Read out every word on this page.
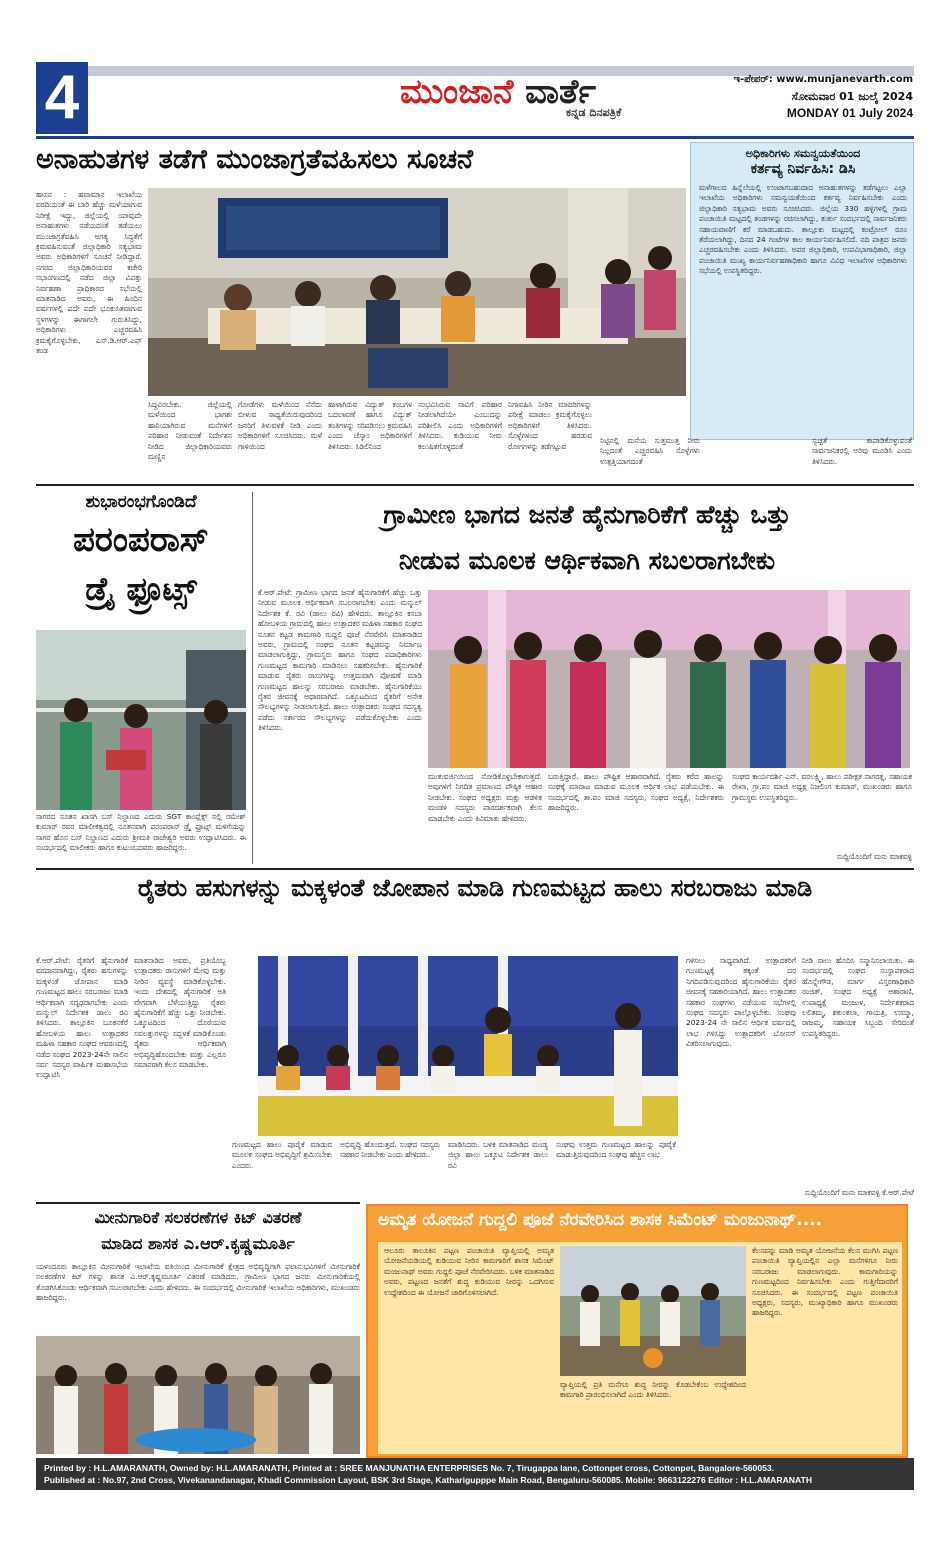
4	ಮುಂಜಾನೆ ವಾರ್ತೆ
ಕನ್ನಡ ದಿನಪತ್ರಿಕೆ
ಇ-ಪೇಪರ್: www.munjanevarth.com
ಸೋಮವಾರ 01 ಜುಲೈ 2024
MONDAY 01 July 2024
ಅನಾಹುತಗಳ ತಡೆಗೆ ಮುಂಜಾಗ್ರತೆವಹಿಸಲು ಸೂಚನೆ
ಹಾಸನ : ಹವಾಮಾನ ಇಲಾಖೆಯ ವರದಿಯಂತೆ ಈ ಬಾರಿ ಹೆಚ್ಚು ಮಳೆಯಾಗುವ ನಿರೀಕ್ಷೆ ಇದ್ದು, ಜಿಲ್ಲೆಯಲ್ಲಿ ಯಾವುದೇ ಅನಾಹುತಗಳು ನಡೆಯದಂತೆ ತಡೆಯಲು ಮುಂಜಾಗ್ರತೆವಹಿಸಿ ಅಗತ್ಯ ಸಿದ್ಧತೆಗೆ ಕ್ರಮವಹಿಸುವಂತೆ ಜಿಲ್ಲಾಧಿಕಾರಿ ಸತ್ಯಭಾಮ ಅವರು ಅಧಿಕಾರಿಗಳಿಗೆ ಸೂಚನೆ ನೀಡಿದ್ದಾರೆ. ನಗರದ ಜಿಲ್ಲಾಧಿಕಾರಿಯವರ ಕಚೇರಿ ಸಭಾಂಗಣದಲ್ಲಿ ನಡೆದ ಜಿಲ್ಲಾ ವಿಪತ್ತು ನಿರ್ವಹಣಾ ಪ್ರಾಧಿಕಾರದ ಸಭೆಯಲ್ಲಿ ಮಾತನಾಡಿದ ಅವರು, ಈ ಹಿಂದಿನ ವರ್ಷಗಳಲ್ಲಿ ಪದೇ ಪದೇ ಭೂಕುಸಿತವಾಗುವ ಸ್ಥಳಗಳನ್ನು ಈಗಾಗಲೇ ಗುರುತಿಸಿದ್ದು, ಅಧಿಕಾರಿಗಳು ಎಚ್ಚರವಹಿಸಿ ಕ್ರಮಕೈಗೊಳ್ಳಬೇಕು, ಎಸ್.ಡಿ.ಆರ್.ಎಫ್ ತಂಡ
ಸಿದ್ಧವಿರಬೇಕು. ಜಿಲ್ಲೆಯಲ್ಲಿ ಮಳೆಯಿಂದ ಭಾಗಶಃ ಹಾನಿಯಾಗಿರುವ ಮನೆಗಳಿಗೆ ಪರಿಹಾರ ನೀಡುವಂತೆ ನಿರ್ದೇಶನ ನೀಡಿದ ಜಿಲ್ಲಾಧಿಕಾರಿಯವರು ಮಣ್ಣಿನ
ಗೋಡೆಗಳು ಮಳೆಯಿಂದ ನೆನೆದು ಬೀಳುವ ಸಾಧ್ಯತೆಯಿರುವುದರಿಂದ ಜನರಿಗೆ ತಿಳುವಳಿಕೆ ನೀಡಿ ಎಂದು ಅಧಿಕಾರಿಗಳಿಗೆ ಸೂಚಿಸಿದರು. ಮಳೆ ಗಾಳಿಯಿಂದ
ಹಾಳಾಗಿರುವ ವಿದ್ಯುತ್ ಕಂಬಗಳ ಬದಲಾವಣೆ ಹಾಗೂ ವಿದ್ಯುತ್ ತಂತಿಗಳನ್ನು ಸರಿಪಡಿಸಲು ಕ್ರಮವಹಿಸಿ ಎಂದು ಚೆಸ್ಕಾಂ ಅಧಿಕಾರಿಗಳಿಗೆ ತಿಳಿಸಿದರು. ಸಿಡಿಲಿನಿಂದ
ಸಂಭವಿಸಿರುವ ಸಾವಿಗೆ ಪರಿಹಾರ ನೀಡಲಾಗಿದೆಯೇ ಎಂಬುದನ್ನು ಪರಿಶೀಲಿಸಿ ಎಂದು ಅಧಿಕಾರಿಗಳಿಗೆ ತಿಳಿಸಿದರು. ಕುಡಿಯುವ ನೀರು ಕಲುಷಿತಗೊಳ್ಳದಂತೆ
ನಿಗಾವಹಿಸಿ ನೀರಿನ ಮಾದರಿಗಳನ್ನು ಪರೀಕ್ಷೆ ಮಾಡಲು ಕ್ರಮಕೈಗೊಳ್ಳಲು ಅಧಿಕಾರಿಗಳಿಗೆ ತಿಳಿಸಿದರು. ಸೊಳ್ಳೆಗಳಿಂದ ಹರಡುವ ರೋಗಗಳನ್ನು ತಡೆಗಟ್ಟುವ
ಅಧಿಕಾರಿಗಳು ಸಮನ್ವಯತೆಯಿಂದ
ಕರ್ತವ್ಯ ನಿರ್ವಹಿಸಿ: ಡಿಸಿ
ಮಳೆಗಾಲದ ಹಿನ್ನೆಲೆಯಲ್ಲಿ ಉಂಟಾಗಬಹುದಾದ ಅನಾಹುತಗಳನ್ನು ತಡೆಗಟ್ಟಲು ಎಲ್ಲಾ ಇಲಾಖೆಯ ಅಧಿಕಾರಿಗಳು ಸಮನ್ವಯತೆಯಿಂದ ಕರ್ತವ್ಯ ನಿರ್ವಹಿಸಬೇಕು ಎಂದು ಜಿಲ್ಲಾಧಿಕಾರಿ ಸತ್ಯಭಾಮ ಅವರು ಸೂಚಿಸಿದರು. ಜಿಲ್ಲೆಯ 330 ಹಳ್ಳಿಗಳಲ್ಲಿ ಗ್ರಾಮ ಪಂಚಾಯಿತಿ ಮಟ್ಟದಲ್ಲಿ ತಂಡಗಳನ್ನು ರಚಿಸಲಾಗಿದ್ದು, ತುರ್ತು ಸಂದರ್ಭದಲ್ಲಿ ಸಾರ್ವಜನಿಕರು ಸಹಾಯವಾಣಿಗೆ ಕರೆ ಮಾಡಬಹುದು. ತಾಲ್ಲೂಕು ಮಟ್ಟದಲ್ಲಿ ಕಂಟ್ರೋಲ್ ರೂಂ ತೆರೆಯಲಾಗಿದ್ದು, ದಿನದ 24 ಗಂಟೆಗಳ ಕಾಲ ಕಾರ್ಯನಿರ್ವಹಿಸಲಿದೆ. ನದಿ ಪಾತ್ರದ ಜನರು ಎಚ್ಚರವಹಿಸಬೇಕು ಎಂದು ತಿಳಿಸಿದರು. ಅಪರ ಜಿಲ್ಲಾಧಿಕಾರಿ, ಉಪವಿಭಾಗಾಧಿಕಾರಿ, ಜಿಲ್ಲಾ ಪಂಚಾಯಿತಿ ಮುಖ್ಯ ಕಾರ್ಯನಿರ್ವಹಣಾಧಿಕಾರಿ ಹಾಗೂ ವಿವಿಧ ಇಲಾಖೆಗಳ ಅಧಿಕಾರಿಗಳು ಸಭೆಯಲ್ಲಿ ಉಪಸ್ಥಿತರಿದ್ದರು.
ನಿಟ್ಟಿನಲ್ಲಿ ಮನೆಯ ಸುತ್ತಮುತ್ತ ನೀರು ನಿಲ್ಲದಂತೆ ಎಚ್ಚರವಹಿಸಿ ಸೊಳ್ಳೆಗಳು ಉತ್ಪತ್ತಿಯಾಗದಂತೆ
ಸ್ವಚ್ಛತೆ ಕಾಪಾಡಿಕೊಳ್ಳುವಂತೆ ಸಾರ್ವಜನಿಕರಲ್ಲಿ ಅರಿವು ಮೂಡಿಸಿ ಎಂದು ತಿಳಿಸಿದರು.
ಶುಭಾರಂಭಗೊಂಡಿದೆ
ಪರಂಪರಾಸ್
ಡ್ರೈ ಫ್ರೂಟ್ಸ್
ಸಾಗರದ ನೂತನ ಖಾಸಗಿ ಬಸ್ ನಿಲ್ದಾಣದ ಎದುರು SGT ಕಾಂಪ್ಲೆಕ್ಸ್ ನಲ್ಲಿ ರಮೇಶ್ ಕುಮಾರ್ ರವರ ಮಾಲೀಕತ್ವದಲ್ಲಿ ನೂತನವಾಗಿ ಪರಂಪರಾಸ್ ಡ್ರೈ ಫ್ರೂಟ್ಸ್ ಮಳಿಗೆಯನ್ನು ಸಾಗರ ಹೊಸ ಬಸ್ ನಿಲ್ದಾಣದ ಎದುರು ಶ್ರೀಮತಿ ರಾಜೇಶ್ವರಿ ಅವರು ಉದ್ಘಾಟಿಸಿದರು. ಈ ಸಂದರ್ಭದಲ್ಲಿ ಮಾಲೀಕರು ಹಾಗೂ ಕುಟುಂಬದವರು ಹಾಜರಿದ್ದರು.
ಗ್ರಾಮೀಣ ಭಾಗದ ಜನತೆ ಹೈನುಗಾರಿಕೆಗೆ ಹೆಚ್ಚು ಒತ್ತು
ನೀಡುವ ಮೂಲಕ ಆರ್ಥಿಕವಾಗಿ ಸಬಲರಾಗಬೇಕು
ಕೆ.ಆರ್.ಪೇಟೆ: ಗ್ರಾಮೀಣ ಭಾಗದ ಜನತೆ ಹೈನುಗಾರಿಕೆಗೆ ಹೆಚ್ಚು ಒತ್ತು ನೀಡುವ ಮೂಲಕ ಆರ್ಥಿಕವಾಗಿ ಸಬಲರಾಗಬೇಕು ಎಂದು ಮನ್ಮುಲ್ ನಿರ್ದೇಶಕ ಕೆ. ರವಿ (ಡಾಲು ರವಿ) ಹೇಳಿದರು. ತಾಲ್ಲೂಕಿನ ಕಸಬಾ ಹೋಬಳಿಯ ಗ್ರಾಮದಲ್ಲಿ ಹಾಲು ಉತ್ಪಾದಕರ ಮಹಿಳಾ ಸಹಕಾರ ಸಂಘದ ನೂತನ ಕಟ್ಟಡ ಕಾಮಗಾರಿ ಗುದ್ದಲಿ ಪೂಜೆ ನೆರವೇರಿಸಿ ಮಾತನಾಡಿದ ಅವರು, ಗ್ರಾಮದಲ್ಲಿ ಸಂಘದ ನೂತನ ಕಟ್ಟಡವನ್ನು ನಿರ್ಮಾಣ ಮಾಡಲಾಗುತ್ತಿದ್ದು, ಗ್ರಾಮಸ್ಥರು ಹಾಗೂ ಸಂಘದ ಪದಾಧಿಕಾರಿಗಳು ಗುಣಮಟ್ಟದ ಕಾಮಗಾರಿ ಮಾಡಿಸಲು ಸಹಕರಿಸಬೇಕು. ಹೈನುಗಾರಿಕೆ ಮಾಡುವ ರೈತರು ರಾಸುಗಳನ್ನು ಉತ್ತಮವಾಗಿ ಪೋಷಣೆ ಮಾಡಿ ಗುಣಮಟ್ಟದ ಹಾಲನ್ನು ಸರಬರಾಜು ಮಾಡಬೇಕು. ಹೈನುಗಾರಿಕೆಯು ರೈತರ ಜೀವನಕ್ಕೆ ಆಧಾರವಾಗಿದೆ. ಒಕ್ಕೂಟದಿಂದ ರೈತರಿಗೆ ಅನೇಕ ಸೌಲಭ್ಯಗಳನ್ನು ನೀಡಲಾಗುತ್ತಿದೆ. ಹಾಲು ಉತ್ಪಾದಕರು ಸಂಘದ ಸದಸ್ಯತ್ವ ಪಡೆದು ಸರ್ಕಾರದ ಸೌಲಭ್ಯಗಳನ್ನು ಪಡೆದುಕೊಳ್ಳಬೇಕು ಎಂದು ತಿಳಿಸಿದರು.
ಮುತುವರ್ಜಿಯಿಂದ ನೋಡಿಕೊಳ್ಳಬೇಕಾಗುತ್ತದೆ. ಅವುಗಳಿಗೆ ನಿಗದಿತ ಪ್ರಮಾಣದ ಪೌಷ್ಠಿಕ ಆಹಾರ ನೀಡಬೇಕು. ಸಂಘದ ಅಧ್ಯಕ್ಷರು ಮತ್ತು ಆಡಳಿತ ಮಂಡಳಿ ಸದಸ್ಯರು ಪಾರದರ್ಶಕವಾಗಿ ಕೆಲಸ ಮಾಡಬೇಕು ಎಂದು ಕಿವಿಮಾತು ಹೇಳಿದರು.
ಬರುತ್ತಿದ್ದಾರೆ. ಹಾಲು ಪೌಷ್ಟಿಕ ಆಹಾರವಾಗಿದೆ. ರೈತರು ಕರೆದ ಹಾಲನ್ನು ಸಂಘಕ್ಕೆ ಮಾರಾಟ ಮಾಡುವ ಮೂಲಕ ಆರ್ಥಿಕ ಲಾಭ ಪಡೆಯಬೇಕು. ಈ ಸಂದರ್ಭದಲ್ಲಿ ತಾ.ಪಂ ಮಾಜಿ ಸದಸ್ಯರು, ಸಂಘದ ಅಧ್ಯಕ್ಷೆ, ನಿರ್ದೇಶಕರು ಹಾಜರಿದ್ದರು.
ಸಂಘದ ಕಾರ್ಯದರ್ಶಿ ಎನ್. ವರಲಕ್ಷ್ಮಿ, ಹಾಲು ಪರೀಕ್ಷಕ ನಾಗರತ್ನ, ಸಹಾಯಕ ರೇಖಾ, ಗ್ರಾ.ಪಂ ಮಾಜಿ ಅಧ್ಯಕ್ಷ ನಿಜಲಿಂಗ ಕುಮಾರ್, ಮುಖಂಡರು ಹಾಗೂ ಗ್ರಾಮಸ್ಥರು ಉಪಸ್ಥಿತರಿದ್ದರು.
ಸುದ್ದಿಯೊಂದಿಗೆ ಮನು ಮಾಕವಳ್ಳಿ
ರೈತರು ಹಸುಗಳನ್ನು ಮಕ್ಕಳಂತೆ ಜೋಪಾನ ಮಾಡಿ ಗುಣಮಟ್ಟದ ಹಾಲು ಸರಬರಾಜು ಮಾಡಿ
ಕೆ.ಆರ್.ಪೇಟೆ: ರೈತರಿಗೆ ಹೈನುಗಾರಿಕೆ ವರದಾನವಾಗಿದ್ದು, ರೈತರು ಹಸುಗಳನ್ನು ಮಕ್ಕಳಂತೆ ಜೋಪಾನ ಮಾಡಿ ಗುಣಮಟ್ಟದ ಹಾಲು ಸರಬರಾಜು ಮಾಡಿ ಆರ್ಥಿಕವಾಗಿ ಸದೃಢರಾಗಬೇಕು ಎಂದು ಮನ್ಮುಲ್ ನಿರ್ದೇಶಕ ಡಾಲು ರವಿ ತಿಳಿಸಿದರು. ತಾಲ್ಲೂಕಿನ ಬೂಕನಕೆರೆ ಹೋಬಳಿಯ ಹಾಲು ಉತ್ಪಾದಕರ ಮಹಿಳಾ ಸಹಕಾರ ಸಂಘದ ಆವರಣದಲ್ಲಿ ನಡೆದ ಸಂಘದ 2023-24ನೇ ಸಾಲಿನ ಸರ್ವ ಸದಸ್ಯರ ವಾರ್ಷಿಕ ಮಹಾಸಭೆಯ ಉದ್ಘಾಟಿಸಿ
ಮಾತನಾಡಿದ ಅವರು, ಪ್ರತಿಯೊಬ್ಬ ಉತ್ಪಾದಕರು ರಾಸುಗಳಿಗೆ ಮೇವು ಮತ್ತು ನೀರಿನ ವ್ಯವಸ್ಥೆ ಮಾಡಿಕೊಳ್ಳಬೇಕು. ಇಂದು ದೇಶದಲ್ಲಿ ಹೈನುಗಾರಿಕೆ ಅತಿ ವೇಗವಾಗಿ ಬೆಳೆಯುತ್ತಿದ್ದು ರೈತರು ಹೈನುಗಾರಿಕೆಗೆ ಹೆಚ್ಚು ಒತ್ತು ನೀಡಬೇಕು. ಒಕ್ಕೂಟದಿಂದ ದೊರೆಯುವ ಸವಲತ್ತುಗಳನ್ನು ಸದ್ಬಳಕೆ ಮಾಡಿಕೊಂಡು ರೈತರು ಆರ್ಥಿಕವಾಗಿ ಅಭಿವೃದ್ಧಿಹೊಂದಬೇಕು ಮತ್ತು ಎಲ್ಲರೂ ಸಮಾನರಾಗಿ ಕೆಲಸ ಮಾಡಬೇಕು.
ಗುಣಮಟ್ಟದ ಹಾಲು ಪೂರೈಕೆ ಮಾಡುವ ಮೂಲಕ ಸಂಘದ ಅಭಿವೃದ್ಧಿಗೆ ಶ್ರಮಿಸಬೇಕು ಎಂದರು.
ಅಭಿವೃದ್ಧಿ ಹೊಂದುತ್ತದೆ. ಸಂಘದ ಸದಸ್ಯರು ಸಹಕಾರ ನೀಡಬೇಕು ಎಂದು ಹೇಳಿದರು.
ಮಾಡಿಸಿದರು. ಬಳಿಕ ಮಾತನಾಡಿದ ಮಂಡ್ಯ ಜಿಲ್ಲಾ ಹಾಲು ಒಕ್ಕೂಟ ನಿರ್ದೇಶಕ ಡಾಲು ರವಿ
ಸಂಘವು ಉತ್ತಮ ಗುಣಮಟ್ಟದ ಹಾಲನ್ನು ಪೂರೈಕೆ ಮಾಡುತ್ತಿರುವುದರಿಂದ ಸಂಘವು ಹೆಚ್ಚಿನ ಲಾಭ
ಗಳಿಸಲು ಸಾಧ್ಯವಾಗಿದೆ. ಉತ್ಪಾದಕರಿಗೆ ಗುಣಮಟ್ಟಕ್ಕೆ ತಕ್ಕಂತೆ ದರ ನಿಗದಿಪಡಿಸುವುದರಿಂದ ಹೈನುಗಾರಿಕೆಯು ರೈತರ ಜೀವನಕ್ಕೆ ಸಹಕಾರಿಯಾಗಿದೆ. ಹಾಲು ಉತ್ಪಾದಕರ ಸಹಕಾರ ಸಂಘಗಳು ನಡೆಯುವ ಸಭೆಗಳಲ್ಲಿ ಸಂಘದ ಸದಸ್ಯರು ಪಾಲ್ಗೊಳ್ಳಬೇಕು. ಸಂಘವು 2023-24 ನೇ ಸಾಲಿನ ಆರ್ಥಿಕ ವರ್ಷದಲ್ಲಿ ಲಾಭ ಗಳಿಸಿದ್ದು ಉತ್ಪಾದಕರಿಗೆ ಬೋನಸ್ ವಿತರಿಸಲಾಗುವುದು.
ನೀಡಿ ಸಾಲು ಹೊದಿಸಿ ಸನ್ಮಾನಿಸಲಾಯಿತು. ಈ ಸಂದರ್ಭದಲ್ಲಿ ಸಂಘದ ಸಂಸ್ಥಾಪಕರಾದ ಹೊನ್ನೇಗೌಡ, ಮಾರ್ಗ ವಿಸ್ತರಣಾಧಿಕಾರಿ ರಂಜಿತ್, ಸಂಘದ ಅಧ್ಯಕ್ಷೆ ಆಶಾರಾಣಿ, ಉಪಾಧ್ಯಕ್ಷೆ ಮಂಜುಳ, ನಿರ್ದೇಶಕರಾದ ಲಲಿತಮ್ಮ, ಶಕುಂತಲಾ, ಗಾಯತ್ರಿ, ಉಮ್ಮಾ, ರಾಜಮ್ಮ, ಸಹಾಯಕ ಸಿಬ್ಬಂದಿ ಸೇರಿದಂತೆ ಉಪಸ್ಥಿತರಿದ್ದರು.
ಸುದ್ದಿಯೊಂದಿಗೆ ಮನು ಮಾಕವಳ್ಳಿ ಕೆ.ಆರ್.ಪೇಟೆ
ಮೀನುಗಾರಿಕೆ ಸಲಕರಣೆಗಳ ಕಿಟ್ ವಿತರಣೆ
ಮಾಡಿದ ಶಾಸಕ ಎ.ಆರ್.ಕೃಷ್ಣಮೂರ್ತಿ
ಯಳಂದೂರು ತಾಲ್ಲೂಕಿನ ಮೀನುಗಾರಿಕೆ ಇಲಾಖೆಯ ವತಿಯಿಂದ ಮೀನುಗಾರಿಕೆ ಕ್ಷೇತ್ರದ ಅಭಿವೃದ್ಧಿಗಾಗಿ ಫಲಾನುಭವಿಗಳಿಗೆ ಮೀನುಗಾರಿಕೆ ಸಲಕರಣೆಗಳ ಕಿಟ್ ಗಳನ್ನು ಶಾಸಕ ಎ.ಆರ್.ಕೃಷ್ಣಮೂರ್ತಿ ವಿತರಣೆ ಮಾಡಿದರು. ಗ್ರಾಮೀಣ ಭಾಗದ ಜನರು ಮೀನುಗಾರಿಕೆಯಲ್ಲಿ ತೊಡಗಿಸಿಕೊಂಡು ಆರ್ಥಿಕವಾಗಿ ಸಬಲರಾಗಬೇಕು ಎಂದು ಹೇಳಿದರು. ಈ ಸಂದರ್ಭದಲ್ಲಿ ಮೀನುಗಾರಿಕೆ ಇಲಾಖೆಯ ಅಧಿಕಾರಿಗಳು, ಮುಖಂಡರು ಹಾಜರಿದ್ದರು.
ಅಮೃತ ಯೋಜನೆ ಗುದ್ದಲಿ ಪೂಜೆ ನೆರವೇರಿಸಿದ ಶಾಸಕ ಸಿಮೆಂಟ್ ಮಂಜುನಾಥ್....
ಆಲೂರು ತಾಲೂಕಿನ ಪಟ್ಟಣ ಪಂಚಾಯಿತಿ ವ್ಯಾಪ್ತಿಯಲ್ಲಿ ಅಮೃತ ಯೋಜನೆಯಡಿಯಲ್ಲಿ ಕುಡಿಯುವ ನೀರಿನ ಕಾಮಗಾರಿಗೆ ಶಾಸಕ ಸಿಮೆಂಟ್ ಮಂಜುನಾಥ್ ಅವರು ಗುದ್ದಲಿ ಪೂಜೆ ನೆರವೇರಿಸಿದರು. ಬಳಿಕ ಮಾತನಾಡಿದ ಅವರು, ಪಟ್ಟಣದ ಜನತೆಗೆ ಶುದ್ಧ ಕುಡಿಯುವ ನೀರನ್ನು ಒದಗಿಸುವ ಉದ್ದೇಶದಿಂದ ಈ ಯೋಜನೆ ಜಾರಿಗೊಳಿಸಲಾಗಿದೆ.
ವ್ಯಾಪ್ತಿಯಲ್ಲಿ ಪ್ರತಿ ಮನೆಗೂ ಶುದ್ಧ ನೀರನ್ನು ಕೊಡಬೇಕೆಂಬ ಉದ್ದೇಶದಿಂದ ಕಾಮಗಾರಿ ಪ್ರಾರಂಭಿಸಲಾಗಿದೆ ಎಂದು ತಿಳಿಸಿದರು.
ಕೆಲಸವನ್ನು ಮಾಡಿ ಅಮೃತ ಯೋಜನೆಯ ಕೆಲಸ ಮುಗಿಸಿ ಪಟ್ಟಣ ಪಂಚಾಯಿತಿ ವ್ಯಾಪ್ತಿಯಲ್ಲಿನ ಎಲ್ಲಾ ಮನೆಗಳಿಗೂ ನೀರು ಸರಬರಾಜು ಮಾಡಲಾಗುವುದು. ಕಾಮಗಾರಿಯನ್ನು ಗುಣಮಟ್ಟದಿಂದ ನಿರ್ವಹಿಸಬೇಕು ಎಂದು ಗುತ್ತಿಗೆದಾರರಿಗೆ ಸೂಚಿಸಿದರು. ಈ ಸಂದರ್ಭದಲ್ಲಿ ಪಟ್ಟಣ ಪಂಚಾಯಿತಿ ಅಧ್ಯಕ್ಷರು, ಸದಸ್ಯರು, ಮುಖ್ಯಾಧಿಕಾರಿ ಹಾಗೂ ಮುಖಂಡರು ಹಾಜರಿದ್ದರು.
Printed by : H.L.AMARANATH, Owned by: H.L.AMARANATH, Printed at : SREE MANJUNATHA ENTERPRISES No. 7, Tirugappa lane, Cottonpet cross, Cottonpet, Bangalore-560053.
Published at : No.97, 2nd Cross, Vivekanandanagar, Khadi Commission Layout, BSK 3rd Stage, Katharigupppe Main Road, Bengaluru-560085. Mobile: 9663122276 Editor : H.L.AMARANATH
